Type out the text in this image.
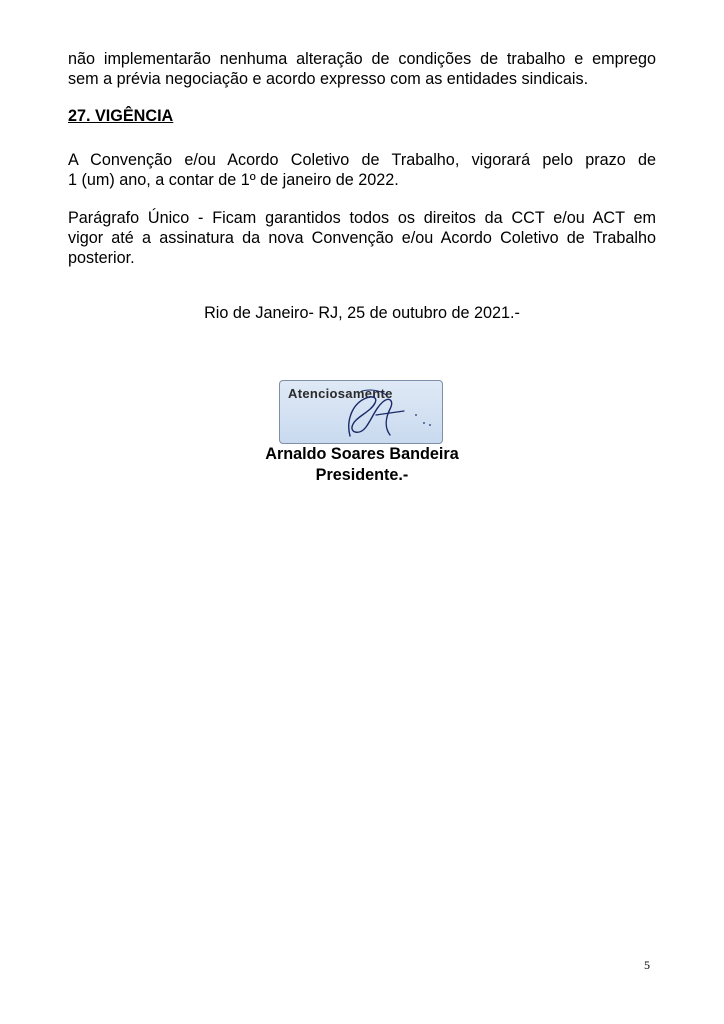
não implementarão nenhuma alteração de condições de trabalho e emprego
sem a prévia negociação e acordo expresso com as entidades sindicais.

27. VIGÊNCIA

A Convenção e/ou Acordo Coletivo de Trabalho, vigorará pelo prazo de
1 (um) ano, a contar de 1º de janeiro de 2022.

Parágrafo Único - Ficam garantidos todos os direitos da CCT e/ou ACT em
vigor até a assinatura da nova Convenção e/ou Acordo Coletivo de Trabalho
posterior.

Rio de Janeiro- RJ, 25 de outubro de 2021.-

Atenciosamente

Arnaldo Soares Bandeira

Presidente.-

5
